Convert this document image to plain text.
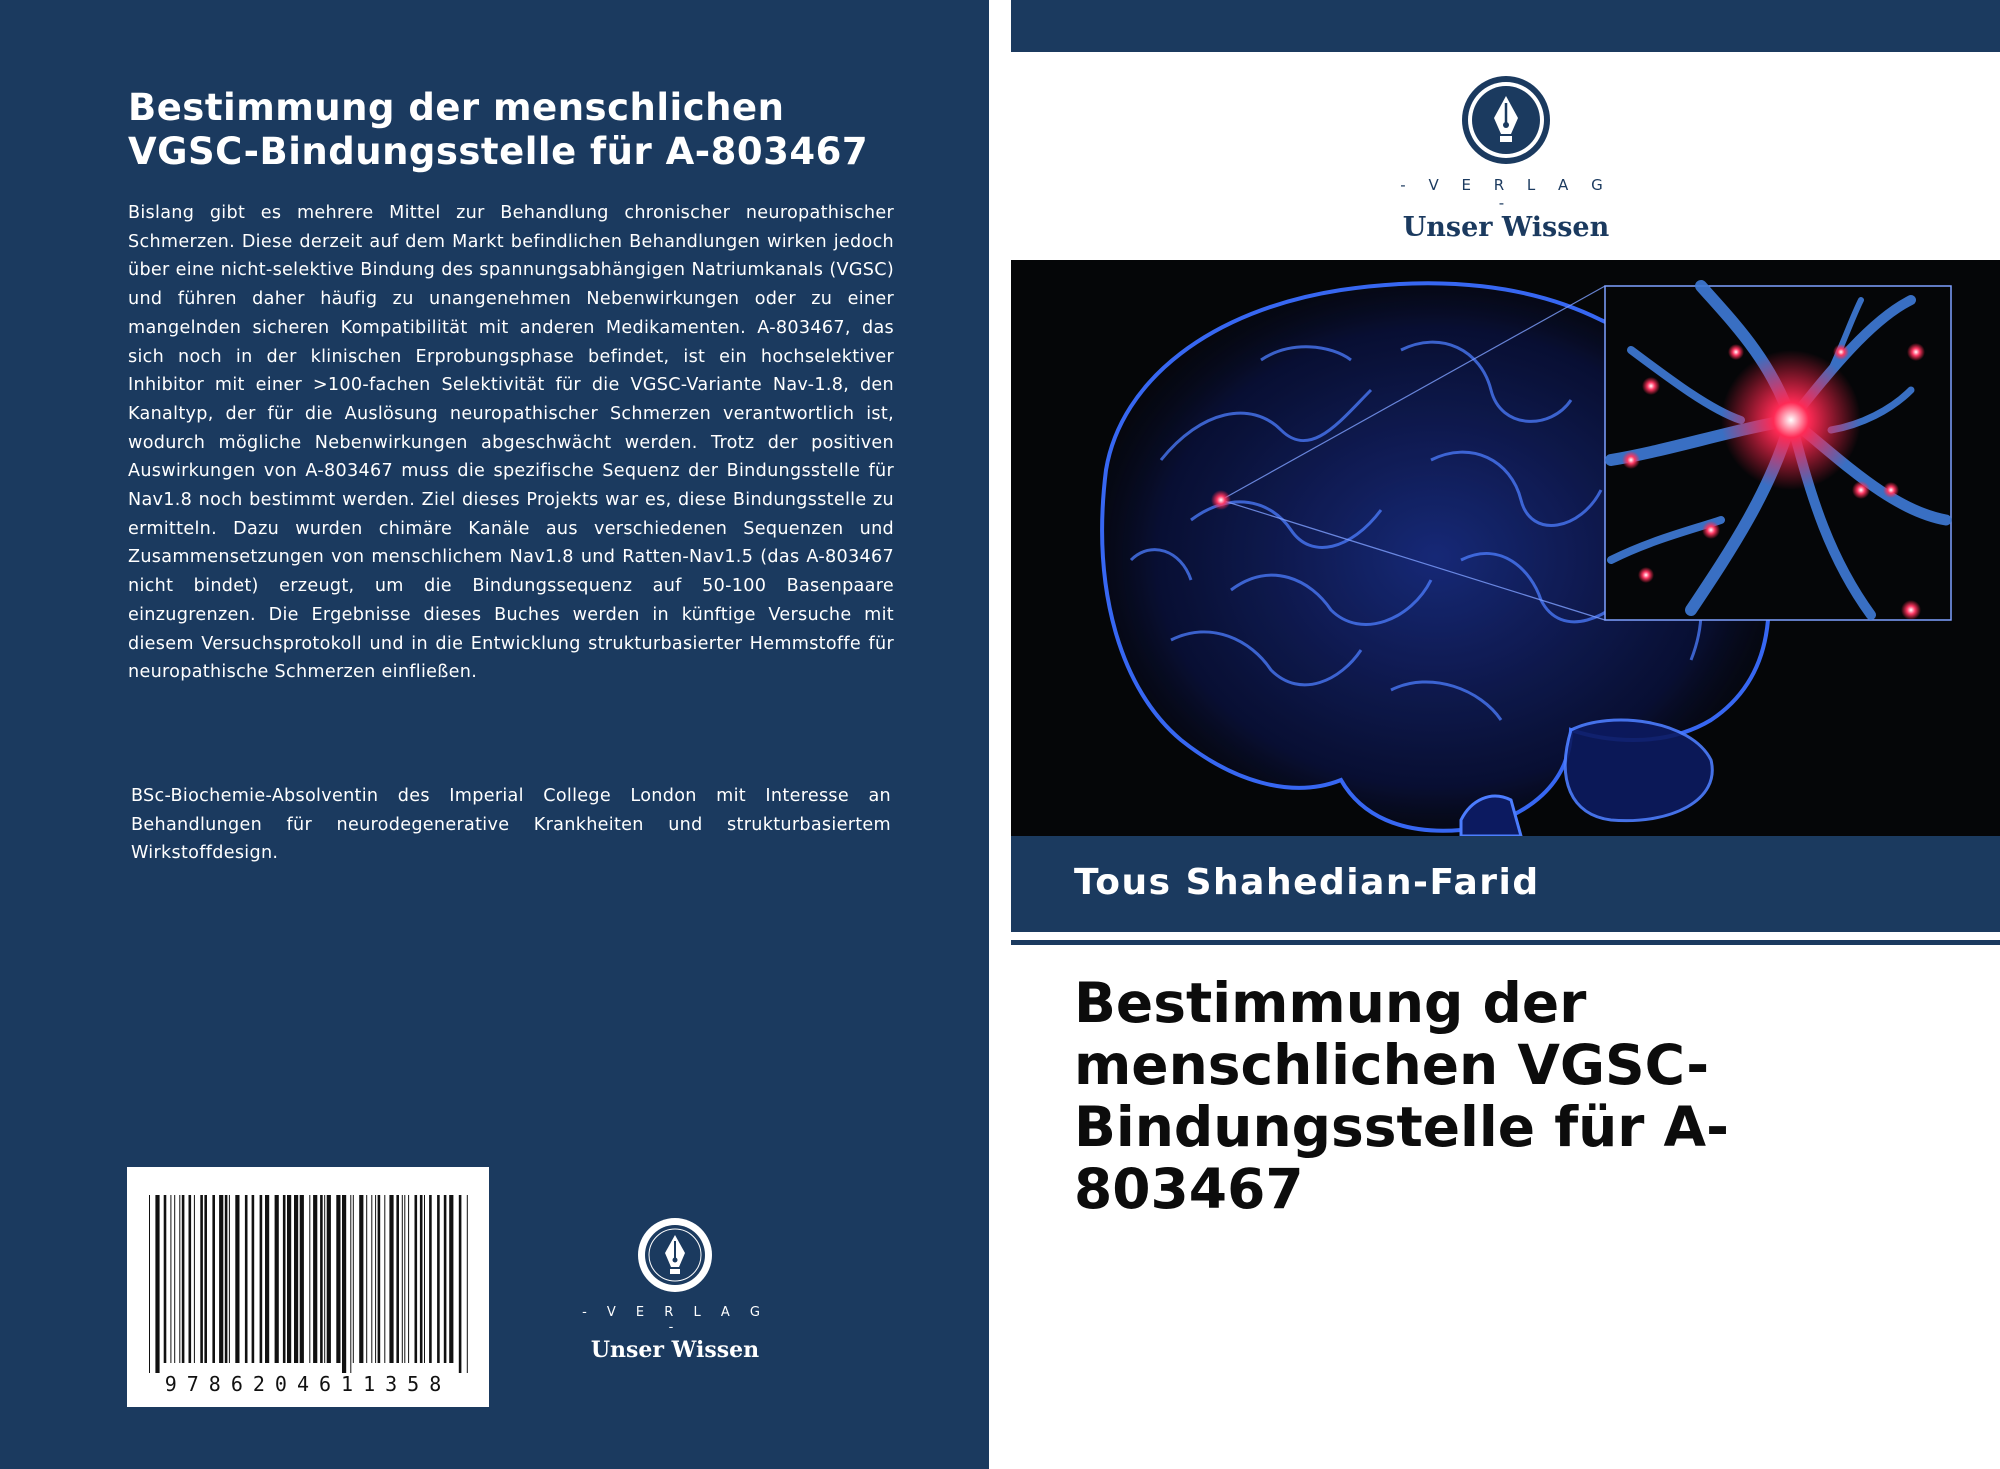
Bestimmung der menschlichen
VGSC-Bindungsstelle für A-803467

Bislang gibt es mehrere Mittel zur Behandlung chronischer neuropathischer Schmerzen. Diese derzeit auf dem Markt befindlichen Behandlungen wirken jedoch über eine nicht-selektive Bindung des spannungsabhängigen Natriumkanals (VGSC) und führen daher häufig zu unangenehmen Nebenwirkungen oder zu einer mangelnden sicheren Kompatibilität mit anderen Medikamenten. A-803467, das sich noch in der klinischen Erprobungsphase befindet, ist ein hochselektiver Inhibitor mit einer >100-fachen Selektivität für die VGSC-Variante Nav-1.8, den Kanaltyp, der für die Auslösung neuropathischer Schmerzen verantwortlich ist, wodurch mögliche Nebenwirkungen abgeschwächt werden. Trotz der positiven Auswirkungen von A-803467 muss die spezifische Sequenz der Bindungsstelle für Nav1.8 noch bestimmt werden. Ziel dieses Projekts war es, diese Bindungsstelle zu ermitteln. Dazu wurden chimäre Kanäle aus verschiedenen Sequenzen und Zusammensetzungen von menschlichem Nav1.8 und Ratten-Nav1.5 (das A-803467 nicht bindet) erzeugt, um die Bindungssequenz auf 50-100 Basenpaare einzugrenzen. Die Ergebnisse dieses Buches werden in künftige Versuche mit diesem Versuchsprotokoll und in die Entwicklung strukturbasierter Hemmstoffe für neuropathische Schmerzen einfließen.

BSc-Biochemie-Absolventin des Imperial College London mit Interesse an Behandlungen für neurodegenerative Krankheiten und strukturbasiertem Wirkstoffdesign.

9786204611358
- V E R L A G -
Unser Wissen
- V E R L A G -
Unser Wissen
Tous Shahedian-Farid
Bestimmung der
menschlichen VGSC-
Bindungsstelle für A-
803467
